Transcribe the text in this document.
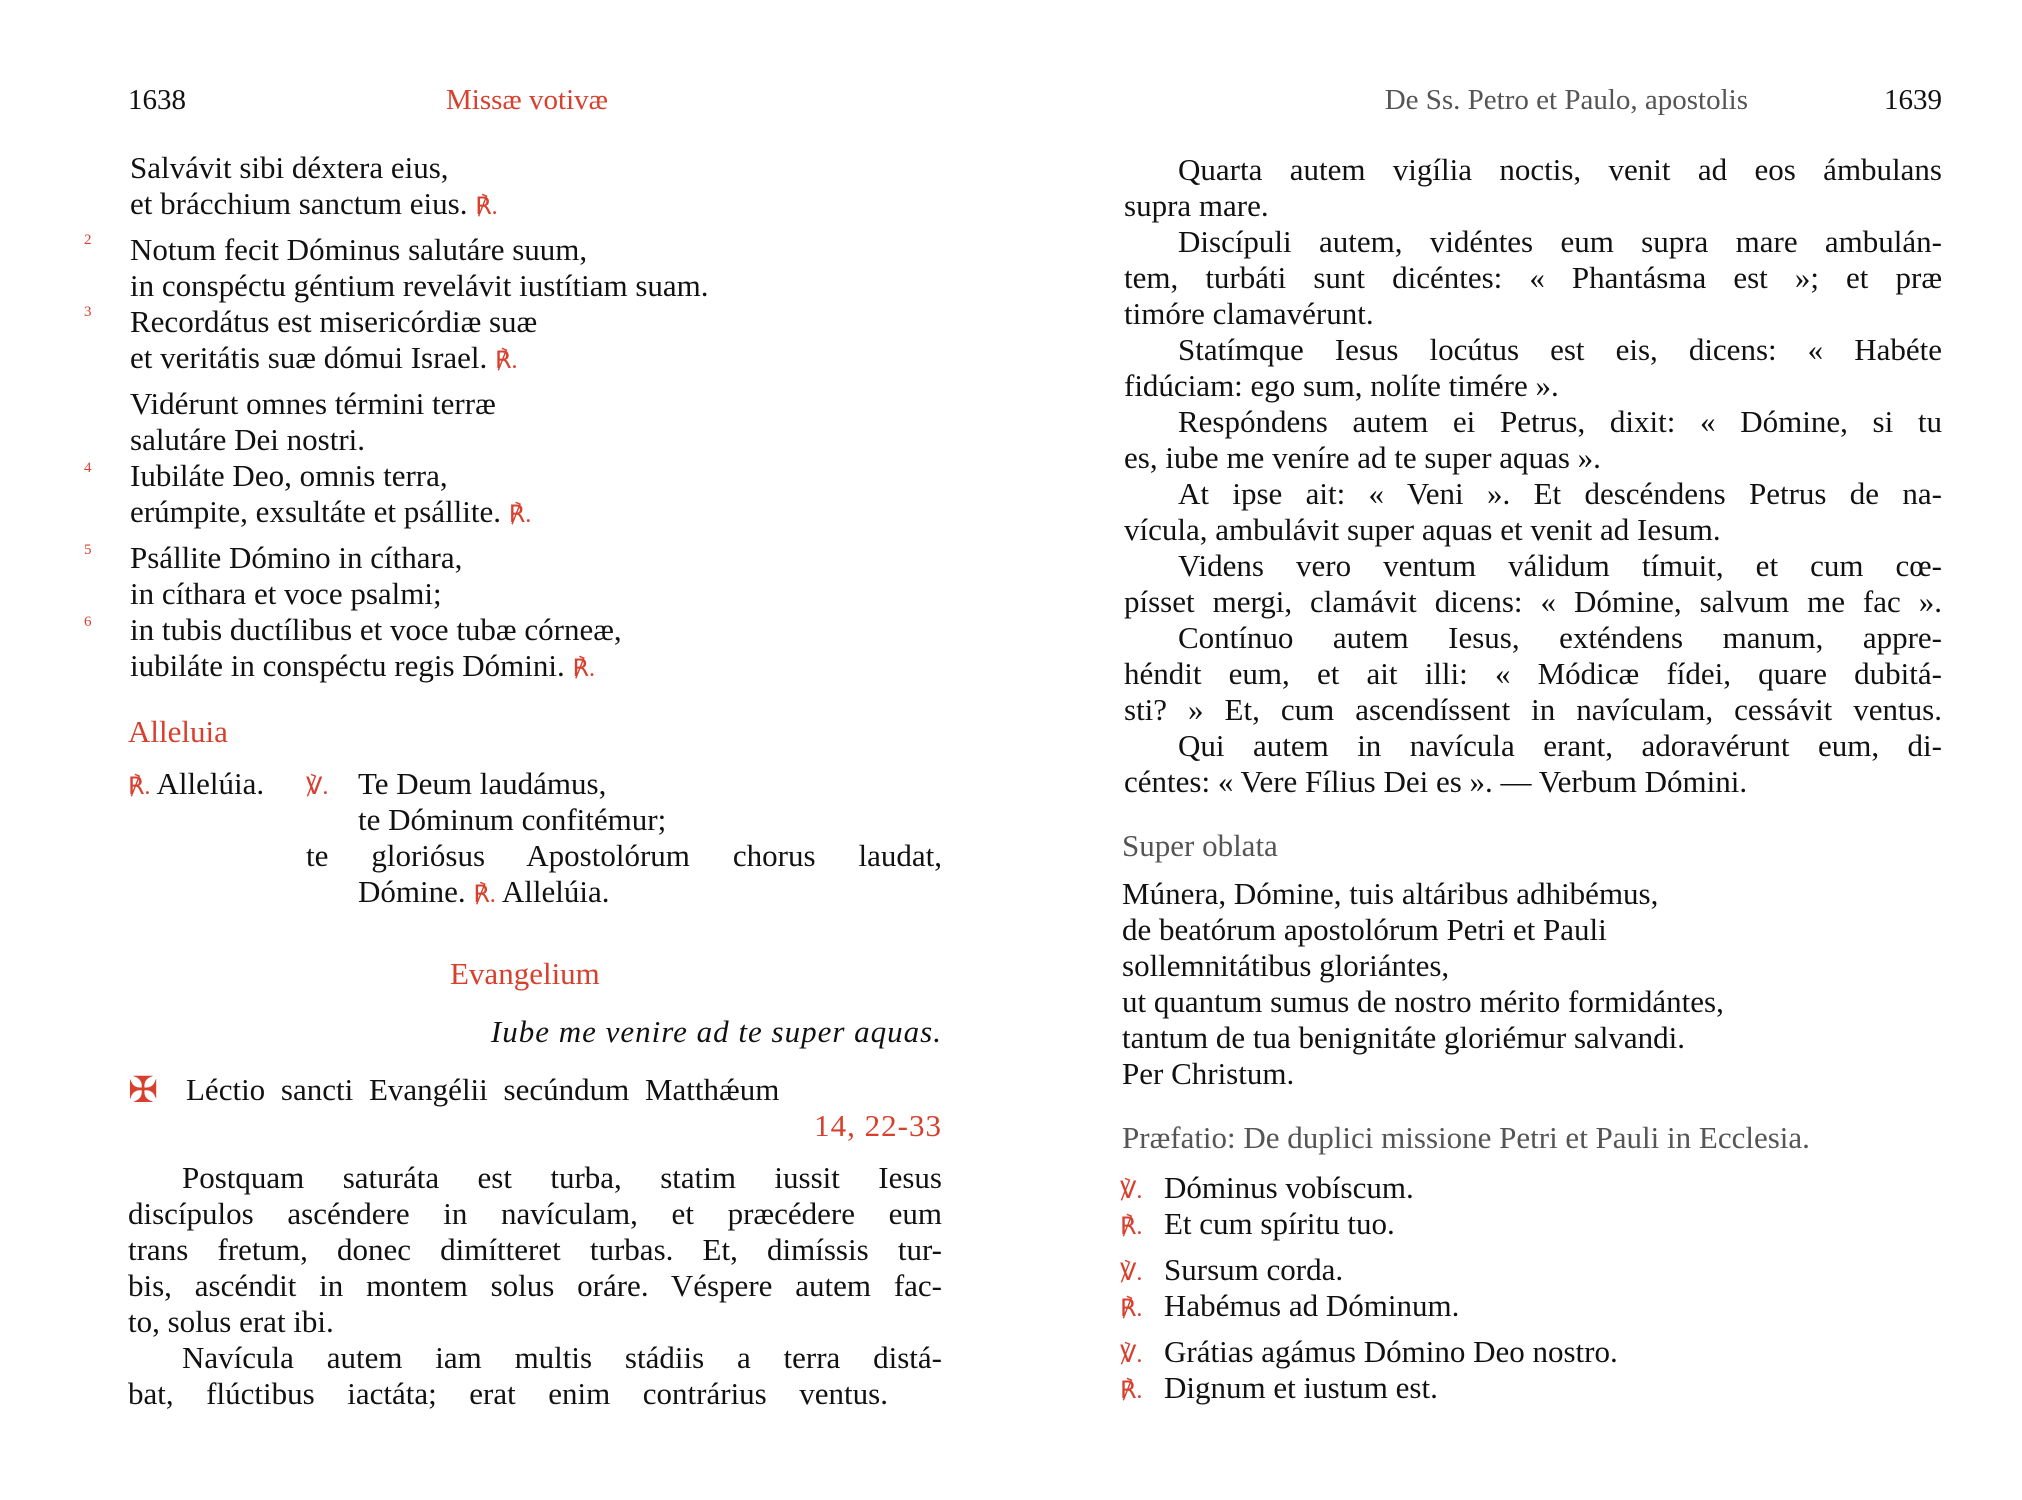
1638	Missæ votivæ
Salvávit sibi déxtera eius,
et brácchium sanctum eius. ℟.
2 Notum fecit Dóminus salutáre suum,
in conspéctu géntium revelávit iustítiam suam.
3 Recordátus est misericórdiæ suæ
et veritátis suæ dómui Israel. ℟.
Vidérunt omnes términi terræ
salutáre Dei nostri.
4 Iubiláte Deo, omnis terra,
erúmpite, exsultáte et psállite. ℟.
5 Psállite Dómino in cíthara,
in cíthara et voce psalmi;
6 in tubis ductílibus et voce tubæ córneæ,
iubiláte in conspéctu regis Dómini. ℟.
Alleluia
℟. Allelúia. ℣. Te Deum laudámus,
te Dóminum confitémur;
te gloriósus Apostolórum chorus laudat,
Dómine. ℟. Allelúia.
Evangelium
Iube me venire ad te super aquas.
✠ Léctio sancti Evangélii secúndum Matthǽum
14, 22-33
Postquam saturáta est turba, statim iussit Iesus
discípulos ascéndere in navículam, et præcédere eum
trans fretum, donec dimítteret turbas. Et, dimíssis tur-
bis, ascéndit in montem solus oráre. Véspere autem fac-
to, solus erat ibi.
Navícula autem iam multis stádiis a terra distá-
bat, flúctibus iactáta; erat enim contrárius ventus.
De Ss. Petro et Paulo, apostolis	1639
Quarta autem vigília noctis, venit ad eos ámbulans
supra mare.
Discípuli autem, vidéntes eum supra mare ambulán-
tem, turbáti sunt dicéntes: « Phantásma est »; et præ
timóre clamavérunt.
Statímque Iesus locútus est eis, dicens: « Habéte
fidúciam: ego sum, nolíte timére ».
Respóndens autem ei Petrus, dixit: « Dómine, si tu
es, iube me veníre ad te super aquas ».
At ipse ait: « Veni ». Et descéndens Petrus de na-
vícula, ambulávit super aquas et venit ad Iesum.
Videns vero ventum válidum tímuit, et cum cœ-
písset mergi, clamávit dicens: « Dómine, salvum me fac ».
Contínuo autem Iesus, exténdens manum, appre-
héndit eum, et ait illi: « Módicæ fídei, quare dubitá-
sti? » Et, cum ascendíssent in navículam, cessávit ventus.
Qui autem in navícula erant, adoravérunt eum, di-
céntes: « Vere Fílius Dei es ». — Verbum Dómini.
Super oblata
Múnera, Dómine, tuis altáribus adhibémus,
de beatórum apostolórum Petri et Pauli
sollemnitátibus gloriántes,
ut quantum sumus de nostro mérito formidántes,
tantum de tua benignitáte gloriémur salvandi.
Per Christum.
Præfatio: De duplici missione Petri et Pauli in Ecclesia.
℣. Dóminus vobíscum.
℟. Et cum spíritu tuo.
℣. Sursum corda.
℟. Habémus ad Dóminum.
℣. Grátias agámus Dómino Deo nostro.
℟. Dignum et iustum est.
